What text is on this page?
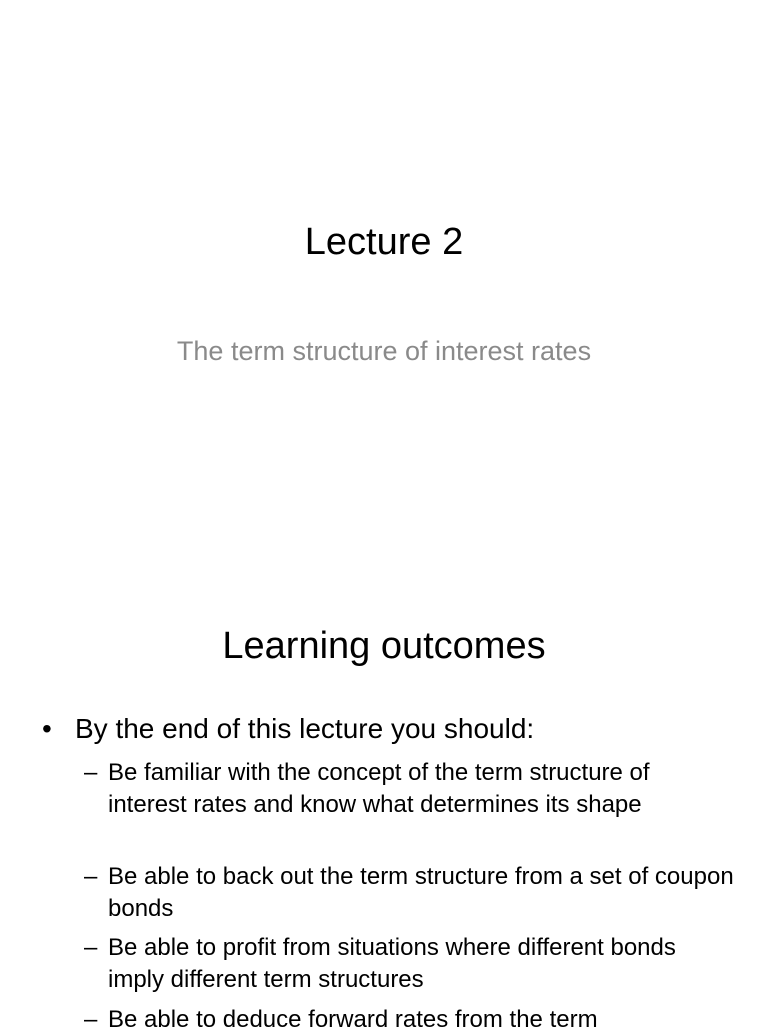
Lecture 2
The term structure of interest rates
Learning outcomes
• By the end of this lecture you should:
– Be familiar with the concept of the term structure of interest rates and know what determines its shape
– Be able to back out the term structure from a set of coupon bonds
– Be able to profit from situations where different bonds imply different term structures
– Be able to deduce forward rates from the term
